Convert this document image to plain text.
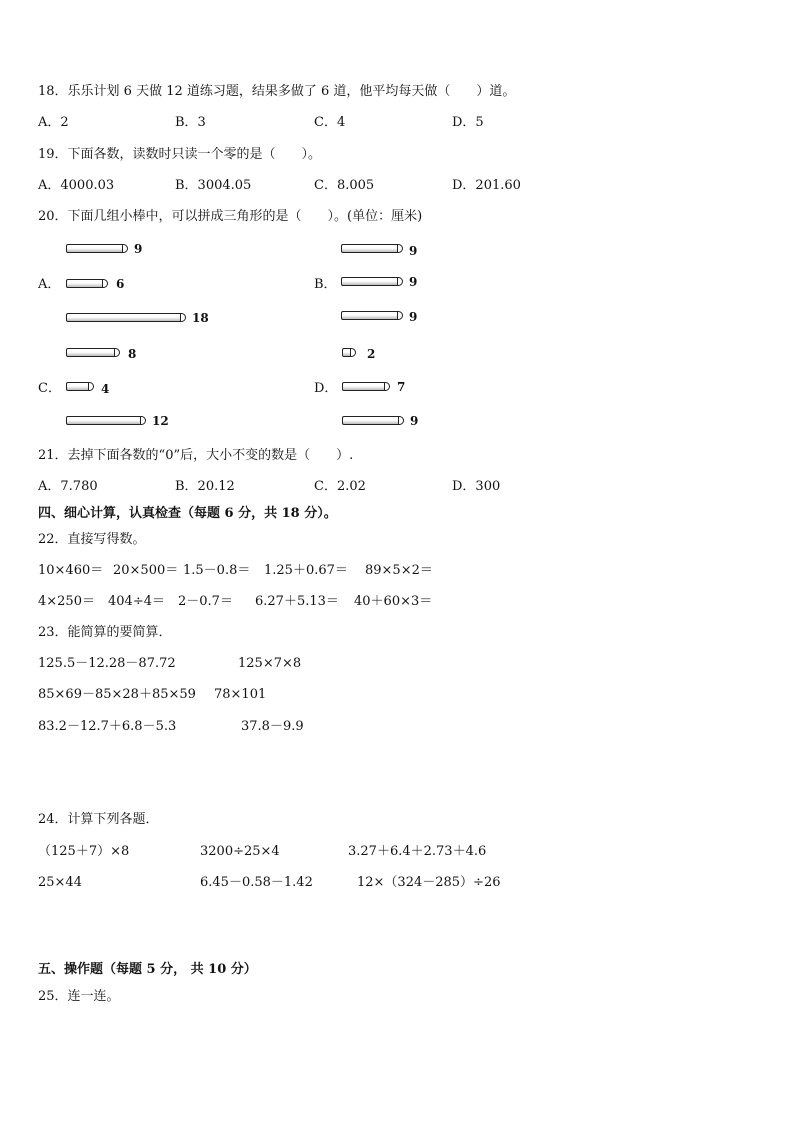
18．乐乐计划 6 天做 12 道练习题，结果多做了 6 道，他平均每天做（　　）道。
A．2	B．3	C．4	D．5
19．下面各数，读数时只读一个零的是（　　）。
A．4000.03	B．3004.05	C．8.005	D．201.60
20．下面几组小棒中，可以拼成三角形的是（　　）。(单位：厘米)
9
A．	6
18
9
B．	9
9
8
C．	4
12
2
D．	7
9
21．去掉下面各数的“0”后，大小不变的数是（　　）.
A．7.780	B．20.12	C．2.02	D．300
四、细心计算，认真检查（每题 6 分，共 18 分）。
22．直接写得数。
10×460＝ 20×500＝ 1.5－0.8＝ 1.25＋0.67＝ 89×5×2＝
4×250＝ 404÷4＝ 2－0.7＝ 6.27＋5.13＝ 40＋60×3＝
23．能简算的要简算．
125.5－12.28－87.72	125×7×8
85×69－85×28＋85×59 78×101
83.2－12.7＋6.8－5.3	37.8－9.9
24．计算下列各题．
（125＋7）×8	3200÷25×4	3.27＋6.4＋2.73＋4.6
25×44	6.45－0.58－1.42	12×（324－285）÷26
五、操作题（每题 5 分， 共 10 分）
25．连一连。
